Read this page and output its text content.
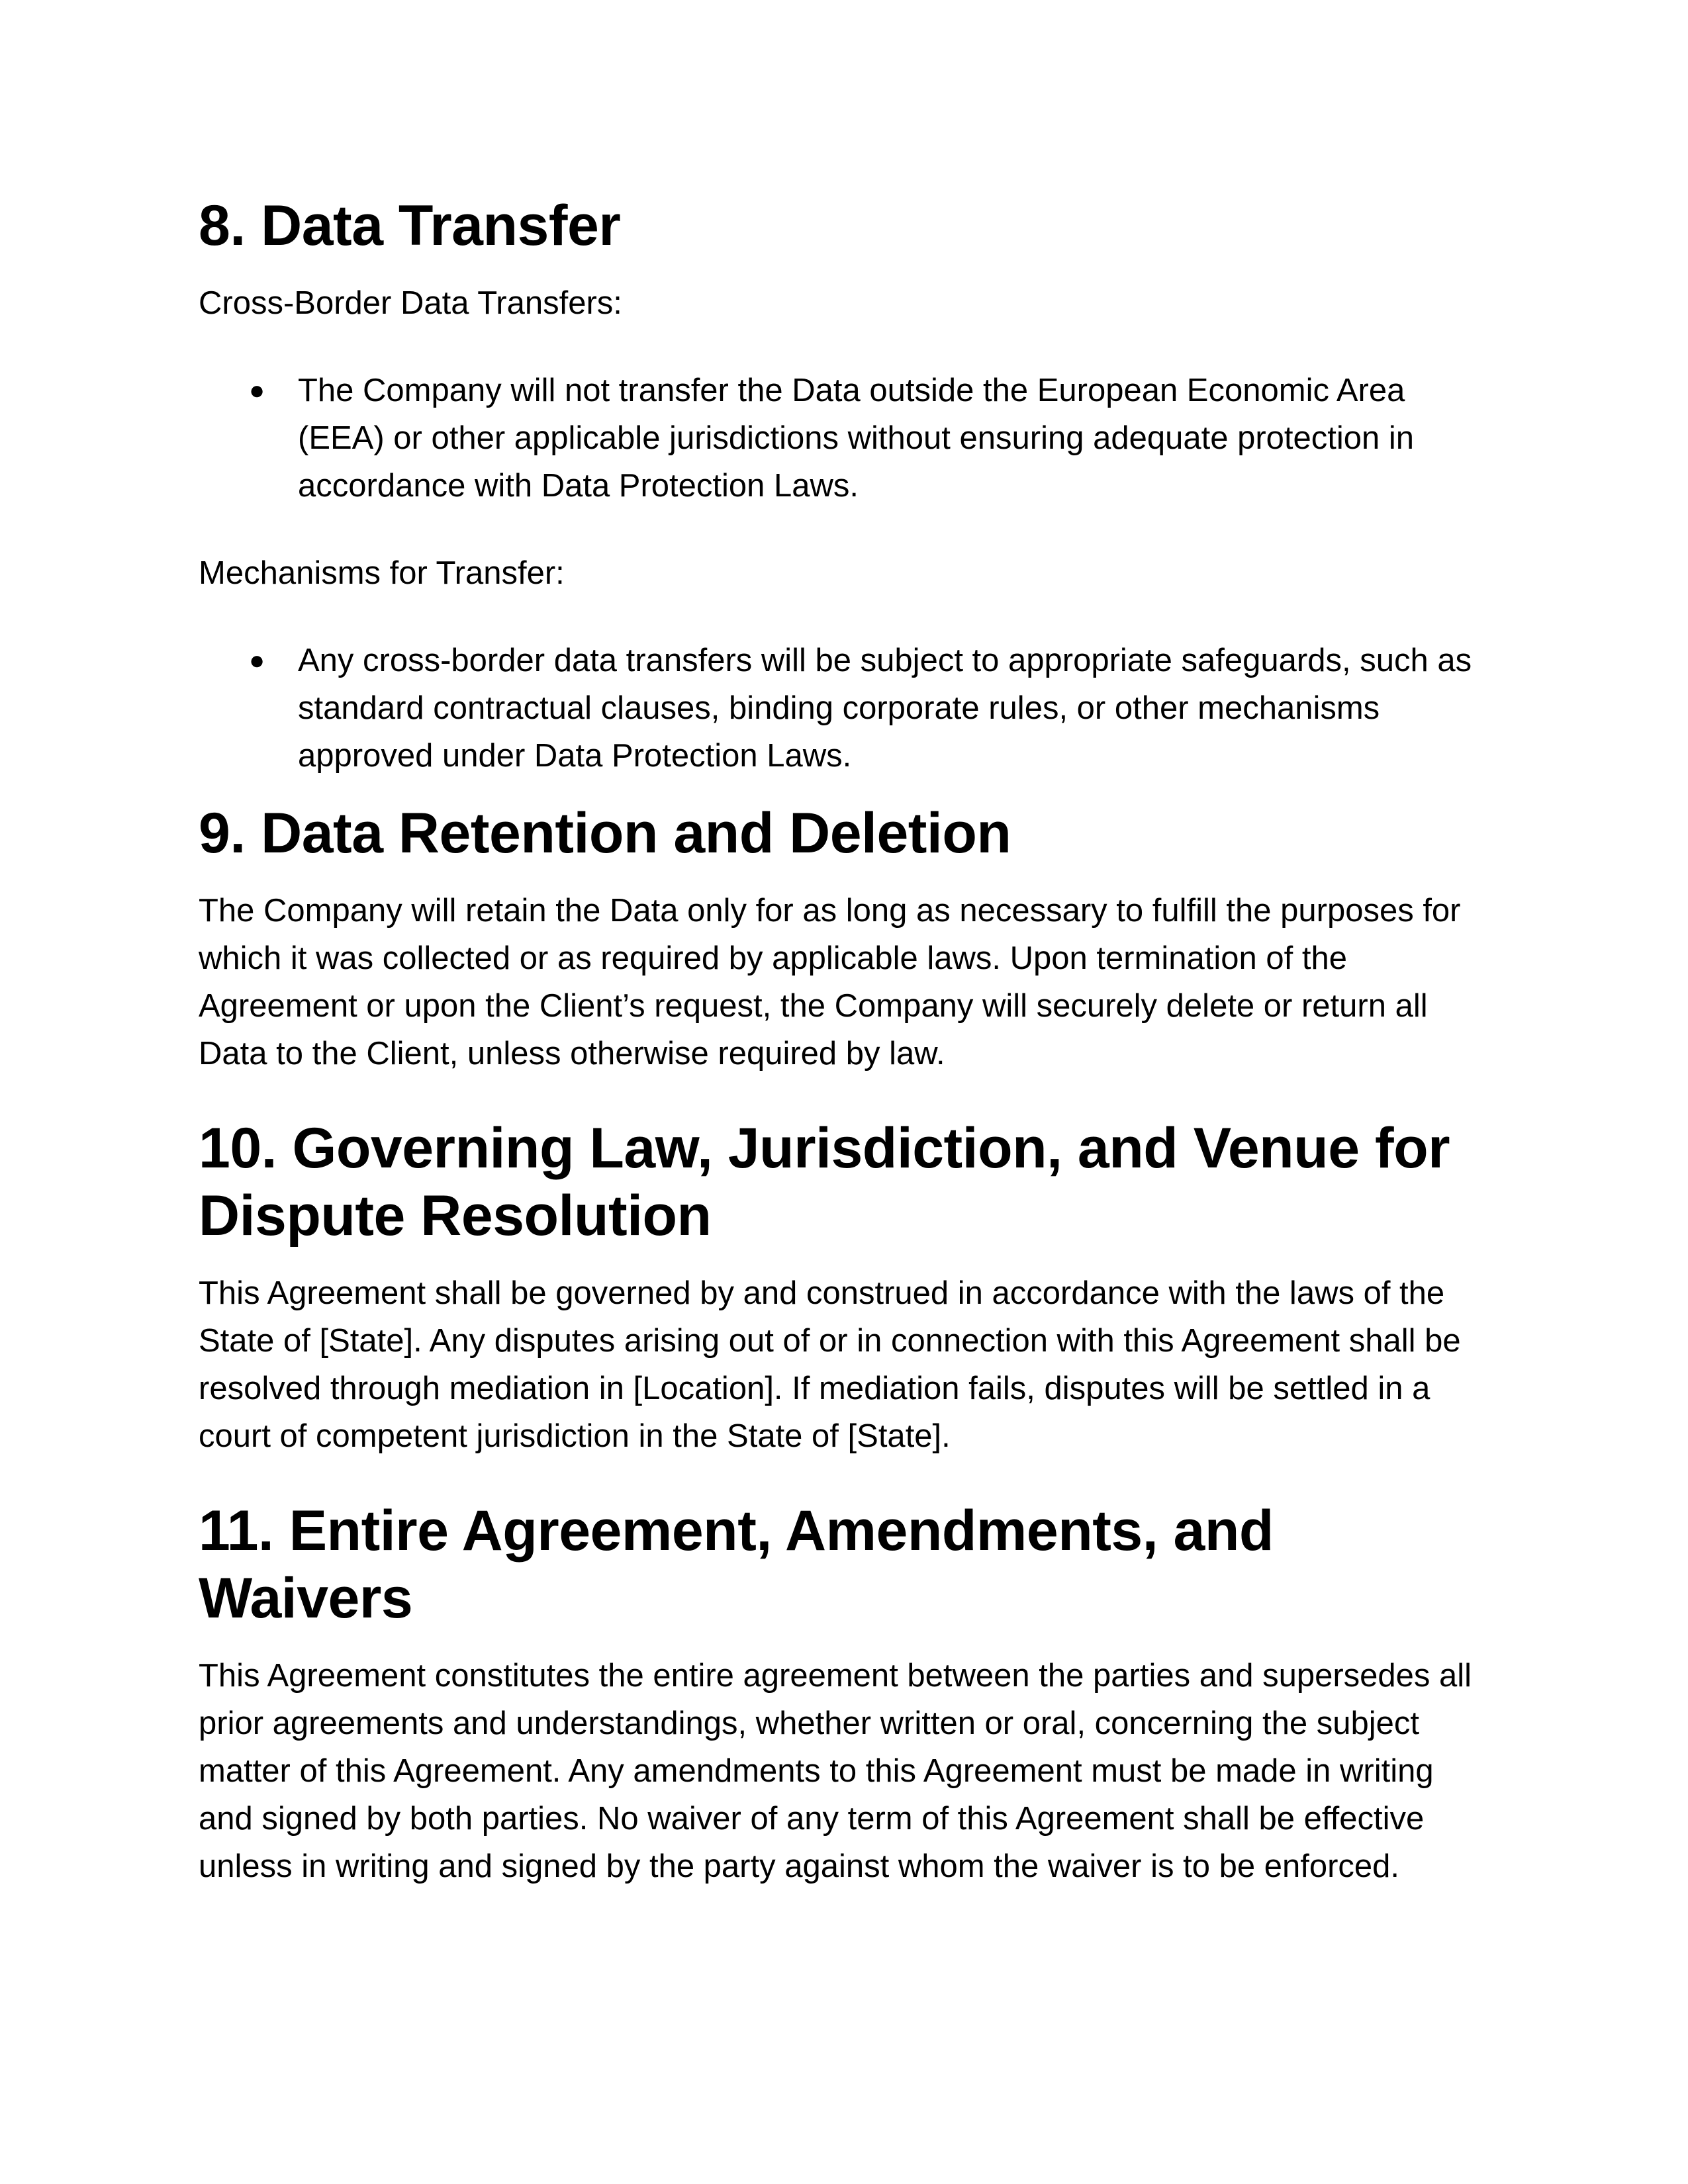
8. Data Transfer
Cross-Border Data Transfers:
● The Company will not transfer the Data outside the European Economic Area (EEA) or other applicable jurisdictions without ensuring adequate protection in accordance with Data Protection Laws.
Mechanisms for Transfer:
● Any cross-border data transfers will be subject to appropriate safeguards, such as standard contractual clauses, binding corporate rules, or other mechanisms approved under Data Protection Laws.
9. Data Retention and Deletion

The Company will retain the Data only for as long as necessary to fulfill the purposes for which it was collected or as required by applicable laws. Upon termination of the Agreement or upon the Client’s request, the Company will securely delete or return all Data to the Client, unless otherwise required by law.

10. Governing Law, Jurisdiction, and Venue for Dispute Resolution

This Agreement shall be governed by and construed in accordance with the laws of the State of [State]. Any disputes arising out of or in connection with this Agreement shall be resolved through mediation in [Location]. If mediation fails, disputes will be settled in a court of competent jurisdiction in the State of [State].

11. Entire Agreement, Amendments, and Waivers

This Agreement constitutes the entire agreement between the parties and supersedes all prior agreements and understandings, whether written or oral, concerning the subject matter of this Agreement. Any amendments to this Agreement must be made in writing and signed by both parties. No waiver of any term of this Agreement shall be effective unless in writing and signed by the party against whom the waiver is to be enforced.
